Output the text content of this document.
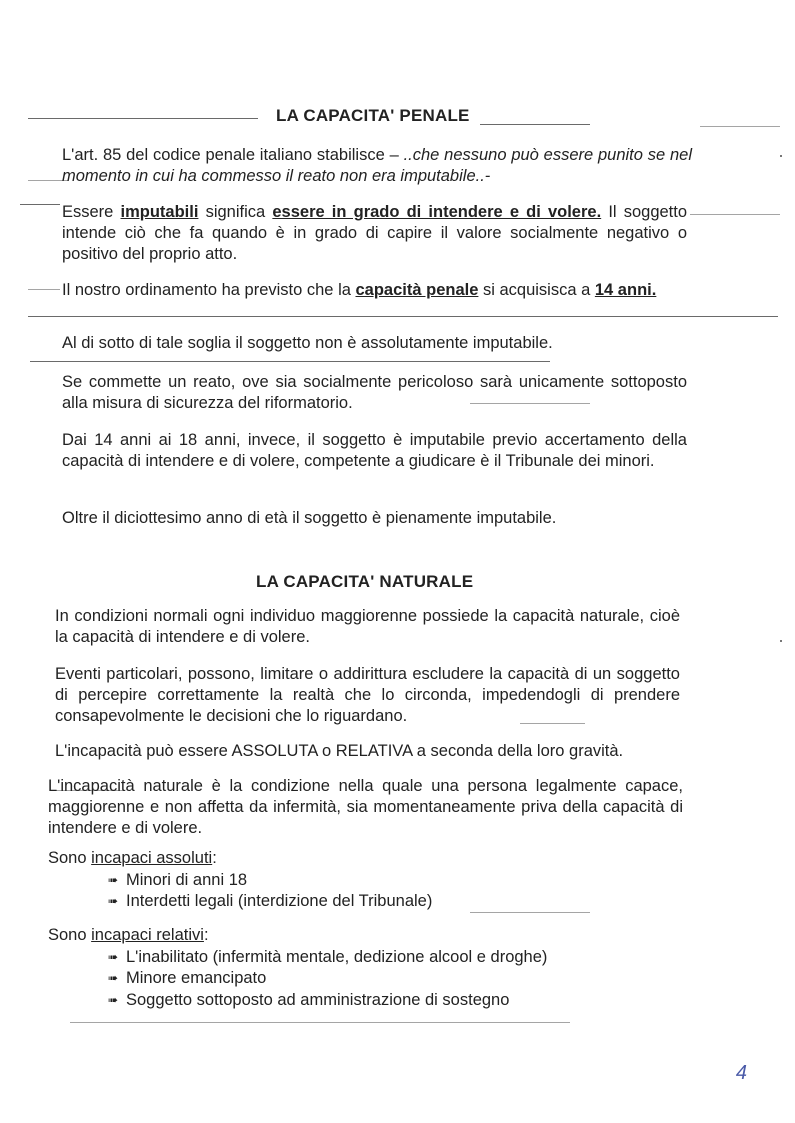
LA CAPACITA' PENALE
L'art. 85 del codice penale italiano stabilisce – ..che nessuno può essere punito se nel momento in cui ha commesso il reato non era imputabile..-
Essere imputabili significa essere in grado di intendere e di volere. Il soggetto intende ciò che fa quando è in grado di capire il valore socialmente negativo o positivo del proprio atto.
Il nostro ordinamento ha previsto che la capacità penale si acquisisca a 14 anni.
Al di sotto di tale soglia il soggetto non è assolutamente imputabile.
Se commette un reato, ove sia socialmente pericoloso sarà unicamente sottoposto alla misura di sicurezza del riformatorio.
Dai 14 anni ai 18 anni, invece, il soggetto è imputabile previo accertamento della capacità di intendere e di volere, competente a giudicare è il Tribunale dei minori.
Oltre il diciottesimo anno di età il soggetto è pienamente imputabile.
LA CAPACITA' NATURALE
In condizioni normali ogni individuo maggiorenne possiede la capacità naturale, cioè la capacità di intendere e di volere.
Eventi particolari, possono, limitare o addirittura escludere la capacità di un soggetto di percepire correttamente la realtà che lo circonda, impedendogli di prendere consapevolmente le decisioni che lo riguardano.
L'incapacità può essere ASSOLUTA o RELATIVA a seconda della loro gravità.
L'incapacità naturale è la condizione nella quale una persona legalmente capace, maggiorenne e non affetta da infermità, sia momentaneamente priva della capacità di intendere e di volere.
Sono incapaci assoluti:
➠ Minori di anni 18
➠ Interdetti legali (interdizione del Tribunale)
Sono incapaci relativi:
➠ L'inabilitato (infermità mentale, dedizione alcool e droghe)
➠ Minore emancipato
➠ Soggetto sottoposto ad amministrazione di sostegno
4
